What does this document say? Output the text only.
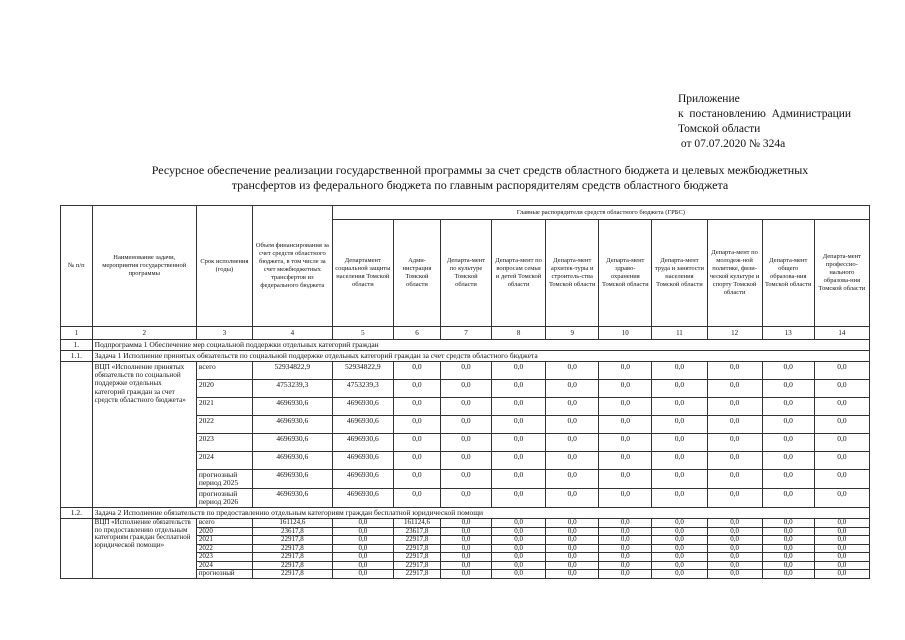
Приложение
к  постановлению  Администрации
Томской области
от 07.07.2020 № 324а
Ресурсное обеспечение реализации государственной программы за счет средств областного бюджета и целевых межбюджетных
трансфертов из федерального бюджета по главным распорядителям средств областного бюджета
№ п/п	Наименование задачи, мероприятия государственной программы	Срок исполнения (годы)	Объем финансирования за счет средств областного бюджета, в том числе за счет межбюджетных трансфертов из федерального бюджета	Главные распорядители средств областного бюджета (ГРБС)									
				Департамент социальной защиты населения Томской области	Адми-нистрация Томской области	Департа-мент по культуре Томской области	Департа-мент по вопросам семьи и детей Томской области	Департа-мент архитек-туры и строитель-ства Томской области	Департа-мент здраво-охранения Томской области	Департа-мент труда и занятости населения Томской области	Департа-мент по молодеж-ной политике, физи-ческой культуре и спорту Томской области	Департа-мент общего образова-ния Томской области	Департа-мент профессио-нального образова-ния Томской области
1	2	3	4	5	6	7	8	9	10	11	12	13	14
1.	Подпрограмма 1 Обеспечение мер социальной поддержки отдельных категорий граждан												
1.1.	Задача 1 Исполнение принятых обязательств по социальной поддержке отдельных категорий граждан за счет средств областного бюджета												
	ВЦП «Исполнение принятых обязательств по социальной поддержке отдельных категорий граждан за счет средств областного бюджета»	всего	52934822,9	52934822,9	0,0	0,0	0,0	0,0	0,0	0,0	0,0	0,0	0,0
		2020	4753239,3	4753239,3	0,0	0,0	0,0	0,0	0,0	0,0	0,0	0,0	0,0
		2021	4696930,6	4696930,6	0,0	0,0	0,0	0,0	0,0	0,0	0,0	0,0	0,0
		2022	4696930,6	4696930,6	0,0	0,0	0,0	0,0	0,0	0,0	0,0	0,0	0,0
		2023	4696930,6	4696930,6	0,0	0,0	0,0	0,0	0,0	0,0	0,0	0,0	0,0
		2024	4696930,6	4696930,6	0,0	0,0	0,0	0,0	0,0	0,0	0,0	0,0	0,0
		прогнозный период 2025	4696930,6	4696930,6	0,0	0,0	0,0	0,0	0,0	0,0	0,0	0,0	0,0
		прогнозный период 2026	4696930,6	4696930,6	0,0	0,0	0,0	0,0	0,0	0,0	0,0	0,0	0,0
1.2.	Задача 2 Исполнение обязательств по предоставлению отдельным категориям граждан бесплатной юридической помощи												
	ВЦП «Исполнение обязательств по предоставлению отдельным категориям граждан бесплатной юридической помощи»	всего	161124,6	0,0	161124,6	0,0	0,0	0,0	0,0	0,0	0,0	0,0	0,0
		2020	23617,8	0,0	23617,8	0,0	0,0	0,0	0,0	0,0	0,0	0,0	0,0
		2021	22917,8	0,0	22917,8	0,0	0,0	0,0	0,0	0,0	0,0	0,0	0,0
		2022	22917,8	0,0	22917,8	0,0	0,0	0,0	0,0	0,0	0,0	0,0	0,0
		2023	22917,8	0,0	22917,8	0,0	0,0	0,0	0,0	0,0	0,0	0,0	0,0
		2024	22917,8	0,0	22917,8	0,0	0,0	0,0	0,0	0,0	0,0	0,0	0,0
		прогнозный	22917,8	0,0	22917,8	0,0	0,0	0,0	0,0	0,0	0,0	0,0	0,0
